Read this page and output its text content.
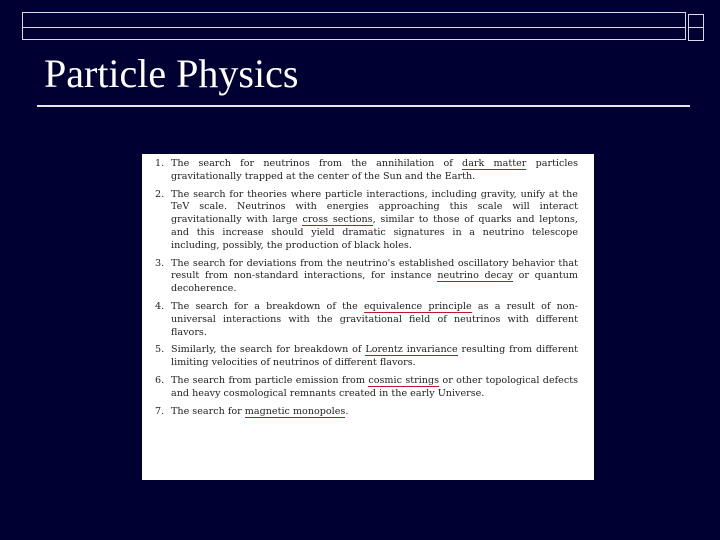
Particle Physics
1. The search for neutrinos from the annihilation of dark matter particles gravitationally trapped at the center of the Sun and the Earth.
2. The search for theories where particle interactions, including gravity, unify at the TeV scale. Neutrinos with energies approaching this scale will interact gravitationally with large cross sections, similar to those of quarks and leptons, and this increase should yield dramatic signatures in a neutrino telescope including, possibly, the production of black holes.
3. The search for deviations from the neutrino's established oscillatory behavior that result from non-standard interactions, for instance neutrino decay or quantum decoherence.
4. The search for a breakdown of the equivalence principle as a result of non-universal interactions with the gravitational field of neutrinos with different flavors.
5. Similarly, the search for breakdown of Lorentz invariance resulting from different limiting velocities of neutrinos of different flavors.
6. The search from particle emission from cosmic strings or other topological defects and heavy cosmological remnants created in the early Universe.
7. The search for magnetic monopoles.
